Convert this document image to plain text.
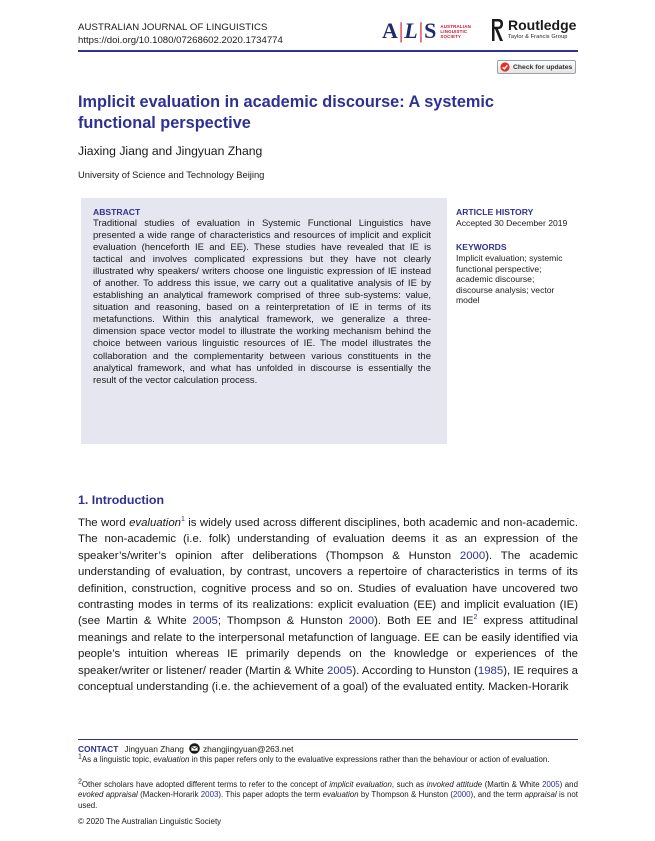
AUSTRALIAN JOURNAL OF LINGUISTICS
https://doi.org/10.1080/07268602.2020.1734774	A|L|S AUSTRALIAN
LINGUISTIC
SOCIETY
Routledge
Taylor & Francis Group
Check for updates
Implicit evaluation in academic discourse: A systemic functional perspective
Jiaxing Jiang and Jingyuan Zhang
University of Science and Technology Beijing
ABSTRACT
Traditional studies of evaluation in Systemic Functional Linguistics have presented a wide range of characteristics and resources of implicit and explicit evaluation (henceforth IE and EE). These studies have revealed that IE is tactical and involves complicated expressions but they have not clearly illustrated why speakers/ writers choose one linguistic expression of IE instead of another. To address this issue, we carry out a qualitative analysis of IE by establishing an analytical framework comprised of three sub-systems: value, situation and reasoning, based on a reinterpretation of IE in terms of its metafunctions. Within this analytical framework, we generalize a three-dimension space vector model to illustrate the working mechanism behind the choice between various linguistic resources of IE. The model illustrates the collaboration and the complementarity between various constituents in the analytical framework, and what has unfolded in discourse is essentially the result of the vector calculation process.
ARTICLE HISTORY
Accepted 30 December 2019
KEYWORDS
Implicit evaluation; systemic
functional perspective;
academic discourse;
discourse analysis; vector
model
1. Introduction

The word evaluation$^1$ is widely used across different disciplines, both academic and non-academic. The non-academic (i.e. folk) understanding of evaluation deems it as an expression of the speaker’s/writer’s opinion after deliberations (Thompson & Hunston 2000). The academic understanding of evaluation, by contrast, uncovers a repertoire of characteristics in terms of its definition, construction, cognitive process and so on. Studies of evaluation have uncovered two contrasting modes in terms of its realizations: explicit evaluation (EE) and implicit evaluation (IE) (see Martin & White 2005; Thompson & Hunston 2000). Both EE and IE$^2$ express attitudinal meanings and relate to the interpersonal metafunction of language. EE can be easily identified via people’s intuition whereas IE primarily depends on the knowledge or experiences of the speaker/writer or listener/ reader (Martin & White 2005). According to Hunston (1985), IE requires a conceptual understanding (i.e. the achievement of a goal) of the evaluated entity. Macken-Horarik

CONTACT Jingyuan Zhang zhangjingyuan@263.net
$^1$As a linguistic topic, evaluation in this paper refers only to the evaluative expressions rather than the behaviour or action of evaluation.
$^2$Other scholars have adopted different terms to refer to the concept of implicit evaluation, such as invoked attitude (Martin & White 2005) and evoked appraisal (Macken-Horarik 2003). This paper adopts the term evaluation by Thompson & Hunston (2000), and the term appraisal is not used.
© 2020 The Australian Linguistic Society
